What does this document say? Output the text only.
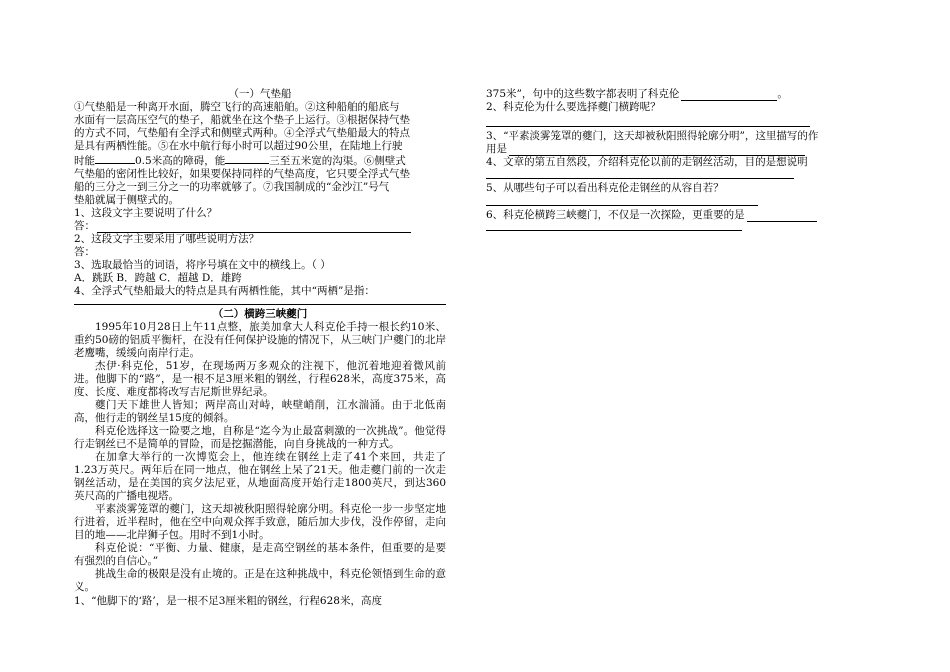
（一）气垫船

①气垫船是一种离开水面，腾空飞行的高速船舶。②这种船舶的船底与

水面有一层高压空气的垫子，船就坐在这个垫子上运行。③根据保持气垫

的方式不同，气垫船有全浮式和侧壁式两种。④全浮式气垫船最大的特点

是具有两栖性能。⑤在水中航行每小时可以超过90公里，在陆地上行驶

时能	0.5米高的障碍，能	三至五米宽的沟渠。⑥侧壁式

气垫船的密闭性比较好，如果要保持同样的气垫高度，它只要全浮式气垫

船的三分之一到三分之一的功率就够了。⑦我国制成的“金沙江”号气

垫船就属于侧壁式的。

1、这段文字主要说明了什么？

答：

2、这段文字主要采用了哪些说明方法？

答：

3、选取最恰当的词语，将序号填在文中的横线上。（ ）

A．跳跃 B．跨越 C．超越 D．雄跨

4、全浮式气垫船最大的特点是具有两栖性能，其中“两栖”是指：

（二）横跨三峡夔门

1995年10月28日上午11点整，旅美加拿大人科克伦手持一根长约10米、重约50磅的铝质平衡杆，在没有任何保护设施的情况下，从三峡门户夔门的北岸老鹰嘴，缓缓向南岸行走。

杰伊·科克伦，51岁，在现场两万多观众的注视下，他沉着地迎着微风前进。他脚下的“路”，是一根不足3厘米粗的钢丝，行程628米，高度375米，高度、长度、难度都将改写吉尼斯世界纪录。

夔门天下雄世人皆知；两岸高山对峙，峡壁峭削，江水湍涌。由于北低南高，他行走的钢丝呈15度的倾斜。

科克伦选择这一险要之地，自称是“迄今为止最富刺激的一次挑战”。他觉得行走钢丝已不是简单的冒险，而是挖掘潜能，向自身挑战的一种方式。

在加拿大举行的一次博览会上，他连续在钢丝上走了41个来回，共走了1.23万英尺。两年后在同一地点，他在钢丝上呆了21天。他走夔门前的一次走钢丝活动，是在美国的宾夕法尼亚，从地面高度开始行走1800英尺，到达360英尺高的广播电视塔。

平素淡雾笼罩的夔门，这天却被秋阳照得轮廓分明。科克伦一步一步坚定地行进着，近半程时，他在空中向观众挥手致意，随后加大步伐，没作停留，走向目的地——北岸狮子包。用时不到1小时。

科克伦说：“平衡、力量、健康，是走高空钢丝的基本条件，但重要的是要有强烈的自信心。”

挑战生命的极限是没有止境的。正是在这种挑战中，科克伦领悟到生命的意义。

1、“他脚下的‘路’，是一根不足3厘米粗的钢丝，行程628米，高度

375米”，句中的这些数字都表明了科克伦	。

2、科克伦为什么要选择夔门横跨呢？

3、“平素淡雾笼罩的夔门，这天却被秋阳照得轮廓分明”，这里描写的作

用是

4、文章的第五自然段，介绍科克伦以前的走钢丝活动，目的是想说明

5、从哪些句子可以看出科克伦走钢丝的从容自若？

6、科克伦横跨三峡夔门，不仅是一次探险，更重要的是
